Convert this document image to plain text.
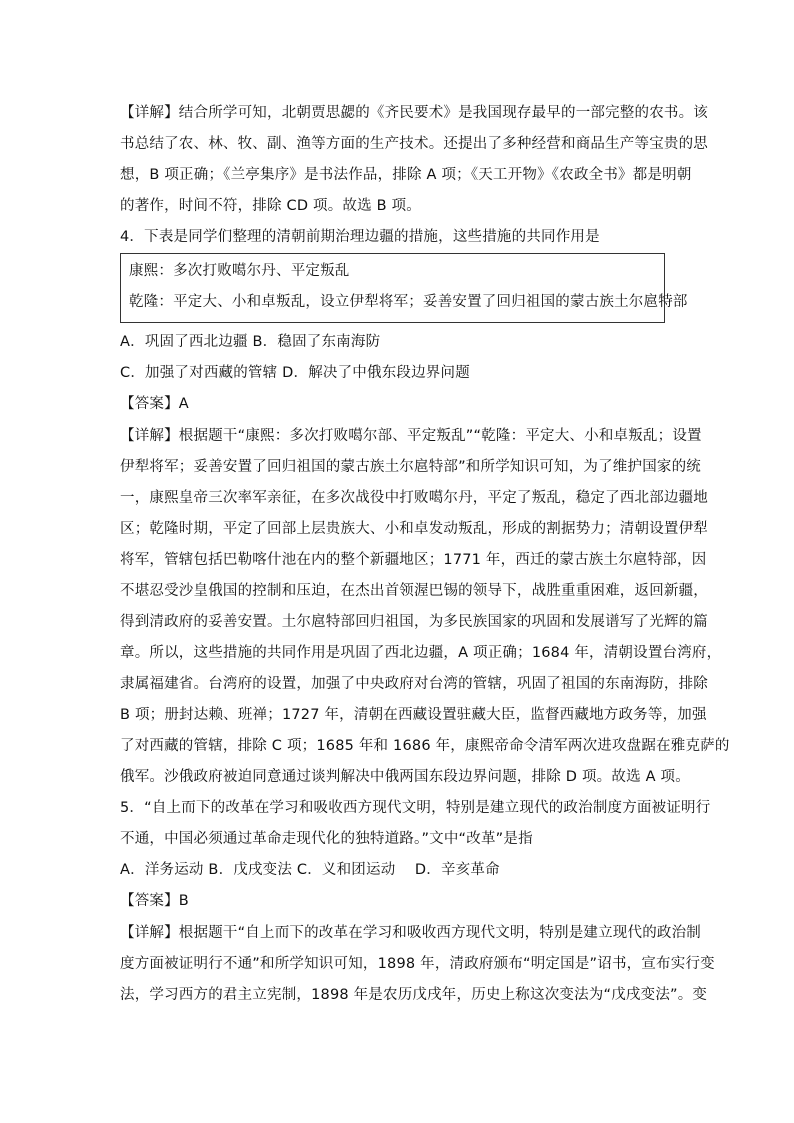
【详解】结合所学可知，北朝贾思勰的《齐民要术》是我国现存最早的一部完整的农书。该
书总结了农、林、牧、副、渔等方面的生产技术。还提出了多种经营和商品生产等宝贵的思
想，B 项正确；《兰亭集序》是书法作品，排除 A 项；《天工开物》《农政全书》都是明朝
的著作，时间不符，排除 CD 项。故选 B 项。
4．下表是同学们整理的清朝前期治理边疆的措施，这些措施的共同作用是
康熙：多次打败噶尔丹、平定叛乱
乾隆：平定大、小和卓叛乱，设立伊犁将军；妥善安置了回归祖国的蒙古族土尔扈特部
A．巩固了西北边疆 B．稳固了东南海防
C．加强了对西藏的管辖 D．解决了中俄东段边界问题
【答案】A
【详解】根据题干“康熙：多次打败噶尔部、平定叛乱”“乾隆：平定大、小和卓叛乱；设置
伊犁将军；妥善安置了回归祖国的蒙古族土尔扈特部”和所学知识可知，为了维护国家的统
一，康熙皇帝三次率军亲征，在多次战役中打败噶尔丹，平定了叛乱，稳定了西北部边疆地
区；乾隆时期，平定了回部上层贵族大、小和卓发动叛乱，形成的割据势力；清朝设置伊犁
将军，管辖包括巴勒喀什池在内的整个新疆地区；1771 年，西迁的蒙古族土尔扈特部，因
不堪忍受沙皇俄国的控制和压迫，在杰出首领渥巴锡的领导下，战胜重重困难，返回新疆，
得到清政府的妥善安置。土尔扈特部回归祖国，为多民族国家的巩固和发展谱写了光辉的篇
章。所以，这些措施的共同作用是巩固了西北边疆，A 项正确；1684 年，清朝设置台湾府，
隶属福建省。台湾府的设置，加强了中央政府对台湾的管辖，巩固了祖国的东南海防，排除
B 项；册封达赖、班禅；1727 年，清朝在西藏设置驻藏大臣，监督西藏地方政务等，加强
了对西藏的管辖，排除 C 项；1685 年和 1686 年，康熙帝命令清军两次进攻盘踞在雅克萨的
俄军。沙俄政府被迫同意通过谈判解决中俄两国东段边界问题，排除 D 项。故选 A 项。
5．“自上而下的改革在学习和吸收西方现代文明，特别是建立现代的政治制度方面被证明行
不通，中国必须通过革命走现代化的独特道路。”文中“改革”是指
A．洋务运动 B．戊戌变法 C．义和团运动　 D．辛亥革命
【答案】B
【详解】根据题干“自上而下的改革在学习和吸收西方现代文明，特别是建立现代的政治制
度方面被证明行不通”和所学知识可知，1898 年，清政府颁布“明定国是”诏书，宣布实行变
法，学习西方的君主立宪制，1898 年是农历戊戌年，历史上称这次变法为“戊戌变法”。变
